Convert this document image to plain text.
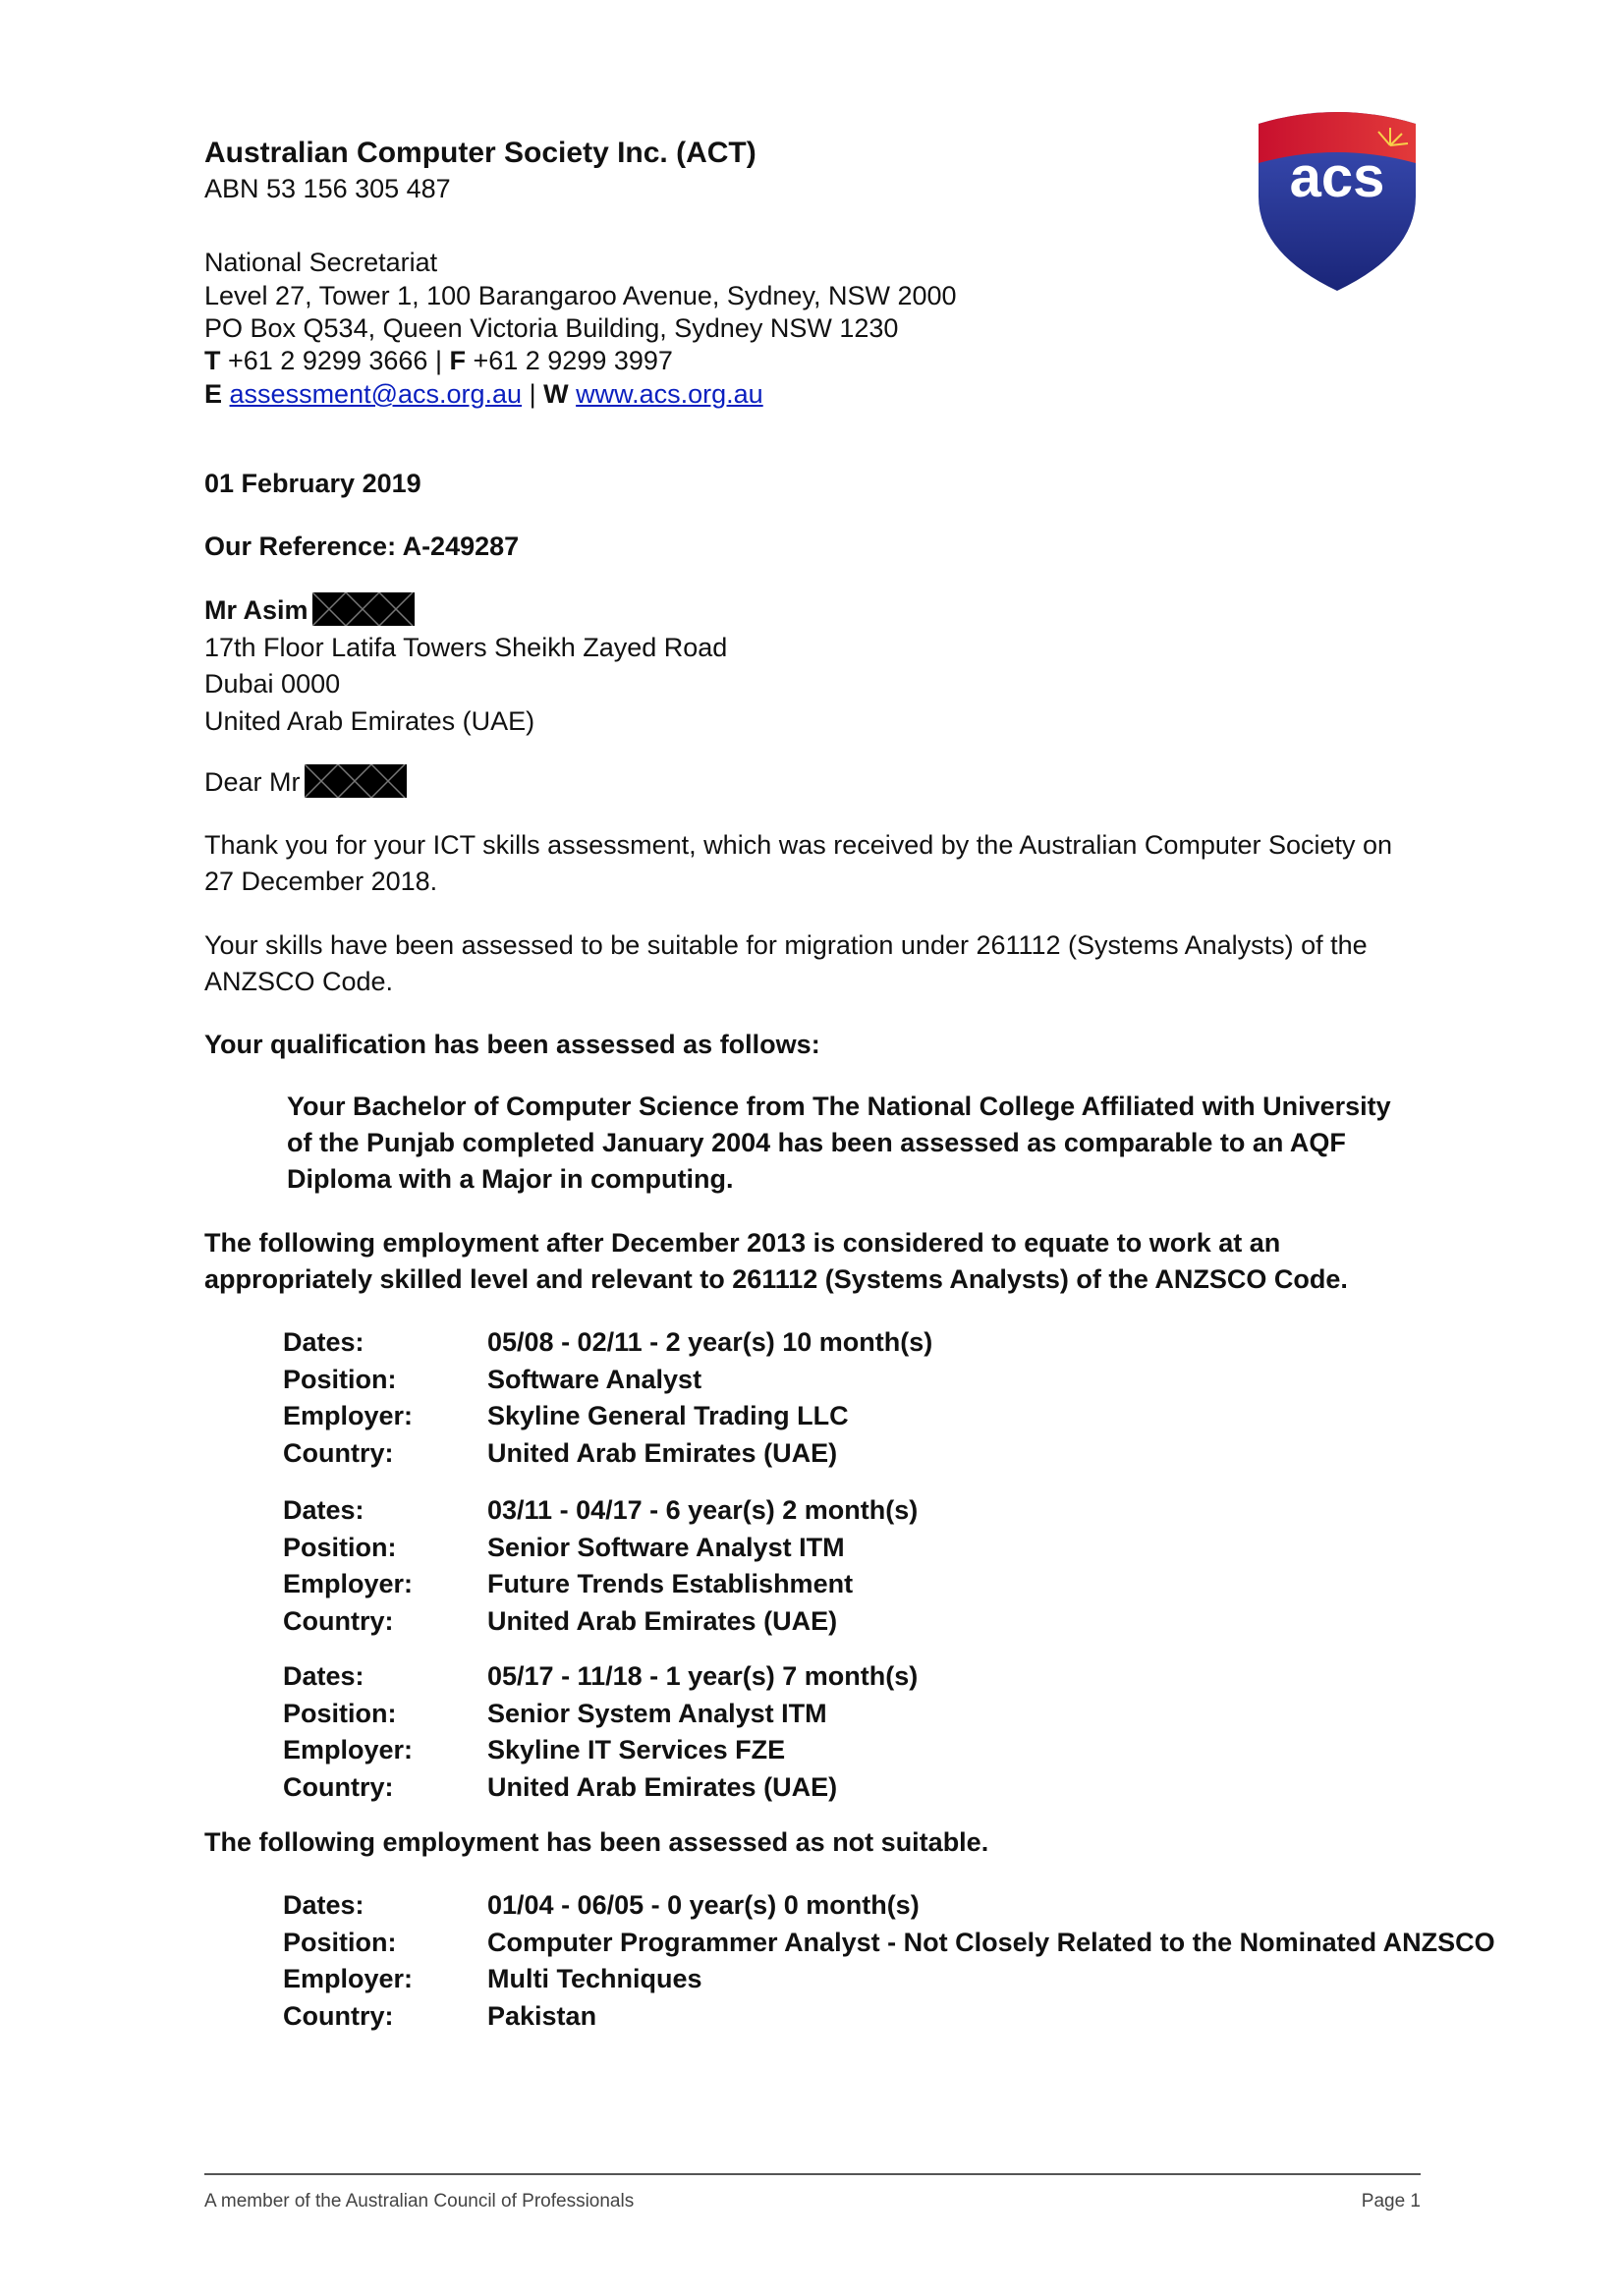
Australian Computer Society Inc. (ACT)
ABN 53 156 305 487
National Secretariat
Level 27, Tower 1, 100 Barangaroo Avenue, Sydney, NSW 2000
PO Box Q534, Queen Victoria Building, Sydney NSW 1230
T +61 2 9299 3666 | F +61 2 9299 3997
E assessment@acs.org.au | W www.acs.org.au
acs
01 February 2019
Our Reference: A-249287
Mr Asim
17th Floor Latifa Towers Sheikh Zayed Road
Dubai 0000
United Arab Emirates (UAE)
Dear Mr
Thank you for your ICT skills assessment, which was received by the Australian Computer Society on 27 December 2018.
Your skills have been assessed to be suitable for migration under 261112 (Systems Analysts) of the ANZSCO Code.
Your qualification has been assessed as follows:
Your Bachelor of Computer Science from The National College Affiliated with University of the Punjab completed January 2004 has been assessed as comparable to an AQF Diploma with a Major in computing.
The following employment after December 2013 is considered to equate to work at an appropriately skilled level and relevant to 261112 (Systems Analysts) of the ANZSCO Code.
Dates:	05/08 - 02/11 - 2 year(s) 10 month(s)
Position:	Software Analyst
Employer:	Skyline General Trading LLC
Country:	United Arab Emirates (UAE)
Dates:	03/11 - 04/17 - 6 year(s) 2 month(s)
Position:	Senior Software Analyst ITM
Employer:	Future Trends Establishment
Country:	United Arab Emirates (UAE)
Dates:	05/17 - 11/18 - 1 year(s) 7 month(s)
Position:	Senior System Analyst ITM
Employer:	Skyline IT Services FZE
Country:	United Arab Emirates (UAE)
The following employment has been assessed as not suitable.
Dates:	01/04 - 06/05 - 0 year(s) 0 month(s)
Position:	Computer Programmer Analyst - Not Closely Related to the Nominated ANZSCO
Employer:	Multi Techniques
Country:	Pakistan
A member of the Australian Council of Professionals	Page 1
